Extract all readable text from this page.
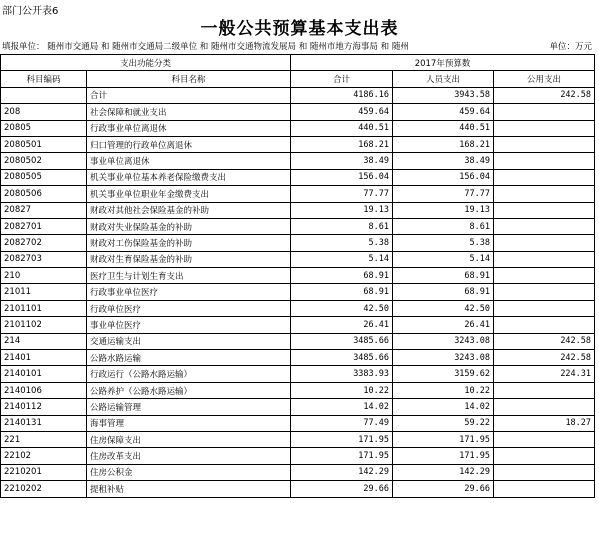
部门公开表6
一般公共预算基本支出表
填报单位： 随州市交通局 和 随州市交通局二级单位 和 随州市交通物流发展局 和 随州市地方海事局 和 随州	单位：万元
支出功能分类		2017年预算数		
科目编码	科目名称	合计	人员支出	公用支出
	合计	4186.16	3943.58	242.58
208	社会保障和就业支出	459.64	459.64	
20805	行政事业单位离退休	440.51	440.51	
2080501	归口管理的行政单位离退休	168.21	168.21	
2080502	事业单位离退休	38.49	38.49	
2080505	机关事业单位基本养老保险缴费支出	156.04	156.04	
2080506	机关事业单位职业年金缴费支出	77.77	77.77	
20827	财政对其他社会保险基金的补助	19.13	19.13	
2082701	财政对失业保险基金的补助	8.61	8.61	
2082702	财政对工伤保险基金的补助	5.38	5.38	
2082703	财政对生育保险基金的补助	5.14	5.14	
210	医疗卫生与计划生育支出	68.91	68.91	
21011	行政事业单位医疗	68.91	68.91	
2101101	行政单位医疗	42.50	42.50	
2101102	事业单位医疗	26.41	26.41	
214	交通运输支出	3485.66	3243.08	242.58
21401	公路水路运输	3485.66	3243.08	242.58
2140101	行政运行（公路水路运输）	3383.93	3159.62	224.31
2140106	公路养护（公路水路运输）	10.22	10.22	
2140112	公路运输管理	14.02	14.02	
2140131	海事管理	77.49	59.22	18.27
221	住房保障支出	171.95	171.95	
22102	住房改革支出	171.95	171.95	
2210201	住房公积金	142.29	142.29	
2210202	提租补贴	29.66	29.66	
